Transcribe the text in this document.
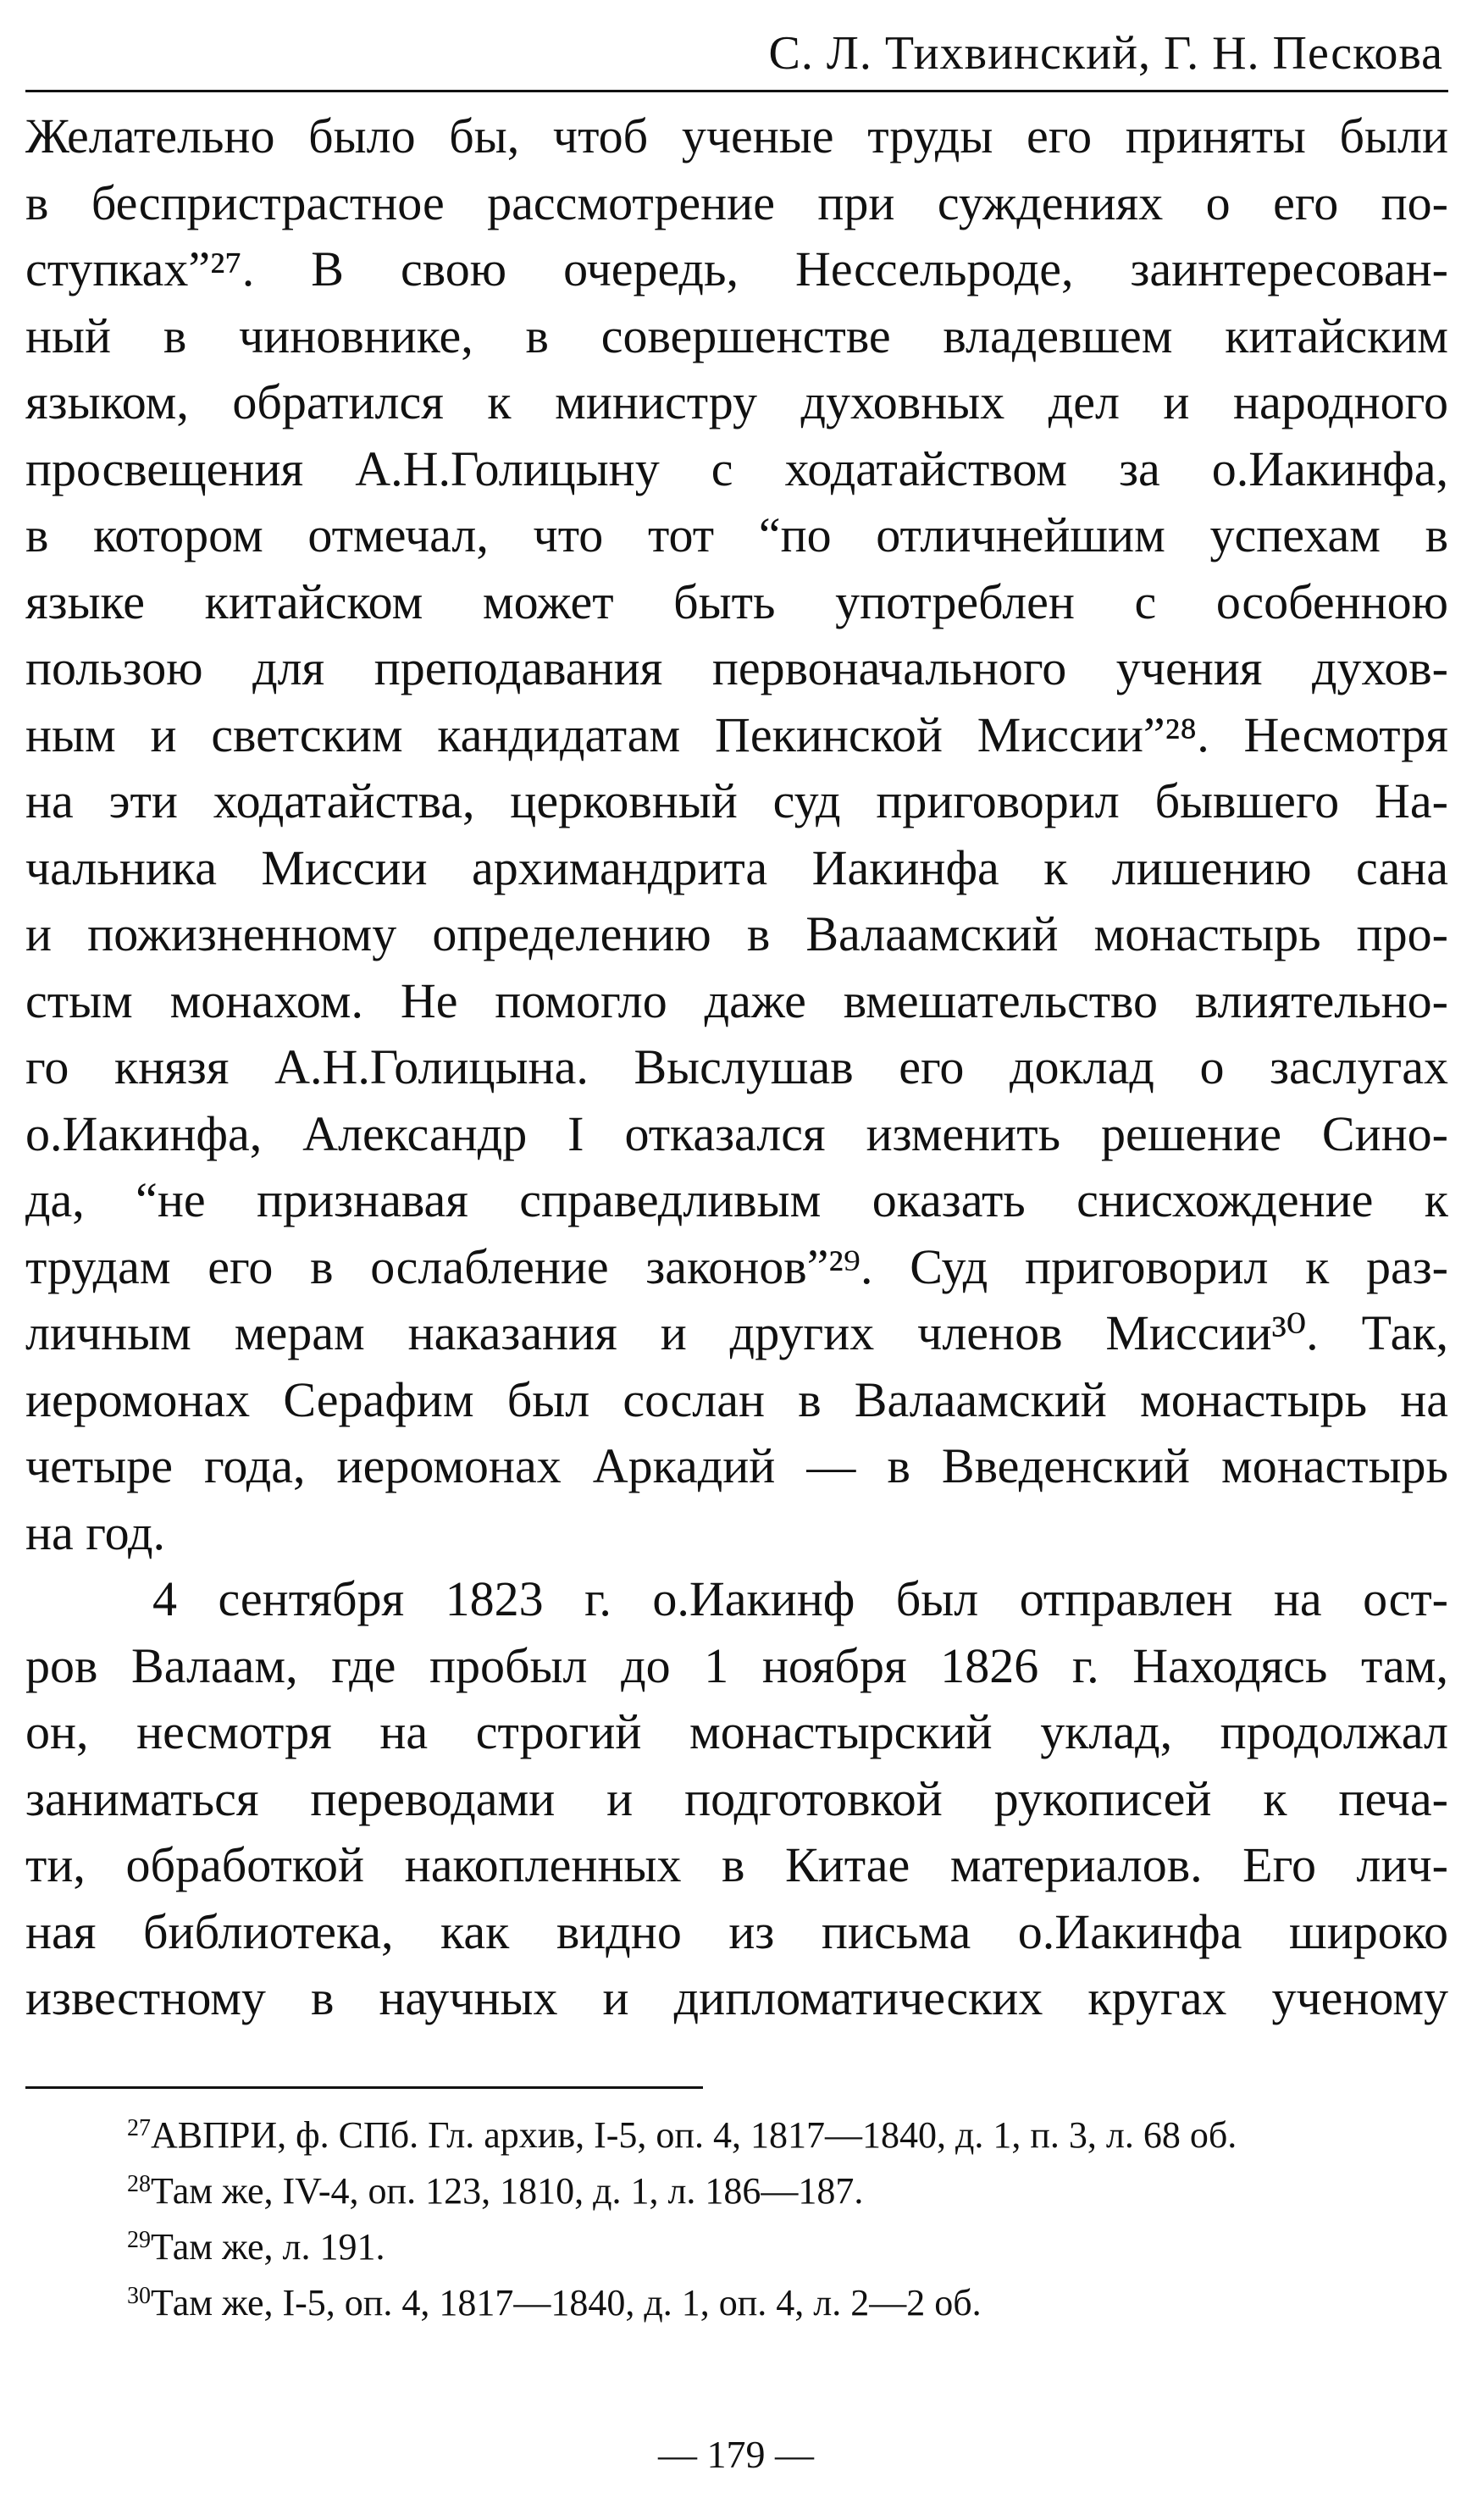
С. Л. Тихвинский, Г. Н. Пескова
Желательно было бы, чтоб ученые труды его приняты были
в беспристрастное рассмотрение при суждениях о его по-
ступках”²⁷. В свою очередь, Нессельроде, заинтересован-
ный в чиновнике, в совершенстве владевшем китайским
языком, обратился к министру духовных дел и народного
просвещения А.Н.Голицыну с ходатайством за о.Иакинфа,
в котором отмечал, что тот “по отличнейшим успехам в
языке китайском может быть употреблен с особенною
пользою для преподавания первоначального учения духов-
ным и светским кандидатам Пекинской Миссии”²⁸. Несмотря
на эти ходатайства, церковный суд приговорил бывшего На-
чальника Миссии архимандрита Иакинфа к лишению сана
и пожизненному определению в Валаамский монастырь про-
стым монахом. Не помогло даже вмешательство влиятельно-
го князя А.Н.Голицына. Выслушав его доклад о заслугах
о.Иакинфа, Александр I отказался изменить решение Сино-
да, “не признавая справедливым оказать снисхождение к
трудам его в ослабление законов”²⁹. Суд приговорил к раз-
личным мерам наказания и других членов Миссии³⁰. Так,
иеромонах Серафим был сослан в Валаамский монастырь на
четыре года, иеромонах Аркадий — в Введенский монастырь
на год.
4 сентября 1823 г. о.Иакинф был отправлен на ост-
ров Валаам, где пробыл до 1 ноября 1826 г. Находясь там,
он, несмотря на строгий монастырский уклад, продолжал
заниматься переводами и подготовкой рукописей к печа-
ти, обработкой накопленных в Китае материалов. Его лич-
ная библиотека, как видно из письма о.Иакинфа широко
известному в научных и дипломатических кругах ученому
$^{27}$АВПРИ, ф. СПб. Гл. архив, I-5, оп. 4, 1817—1840, д. 1, п. 3, л. 68 об.
$^{28}$Там же, IV-4, оп. 123, 1810, д. 1, л. 186—187.
$^{29}$Там же, л. 191.
$^{30}$Там же, I-5, оп. 4, 1817—1840, д. 1, оп. 4, л. 2—2 об.
— 179 —
